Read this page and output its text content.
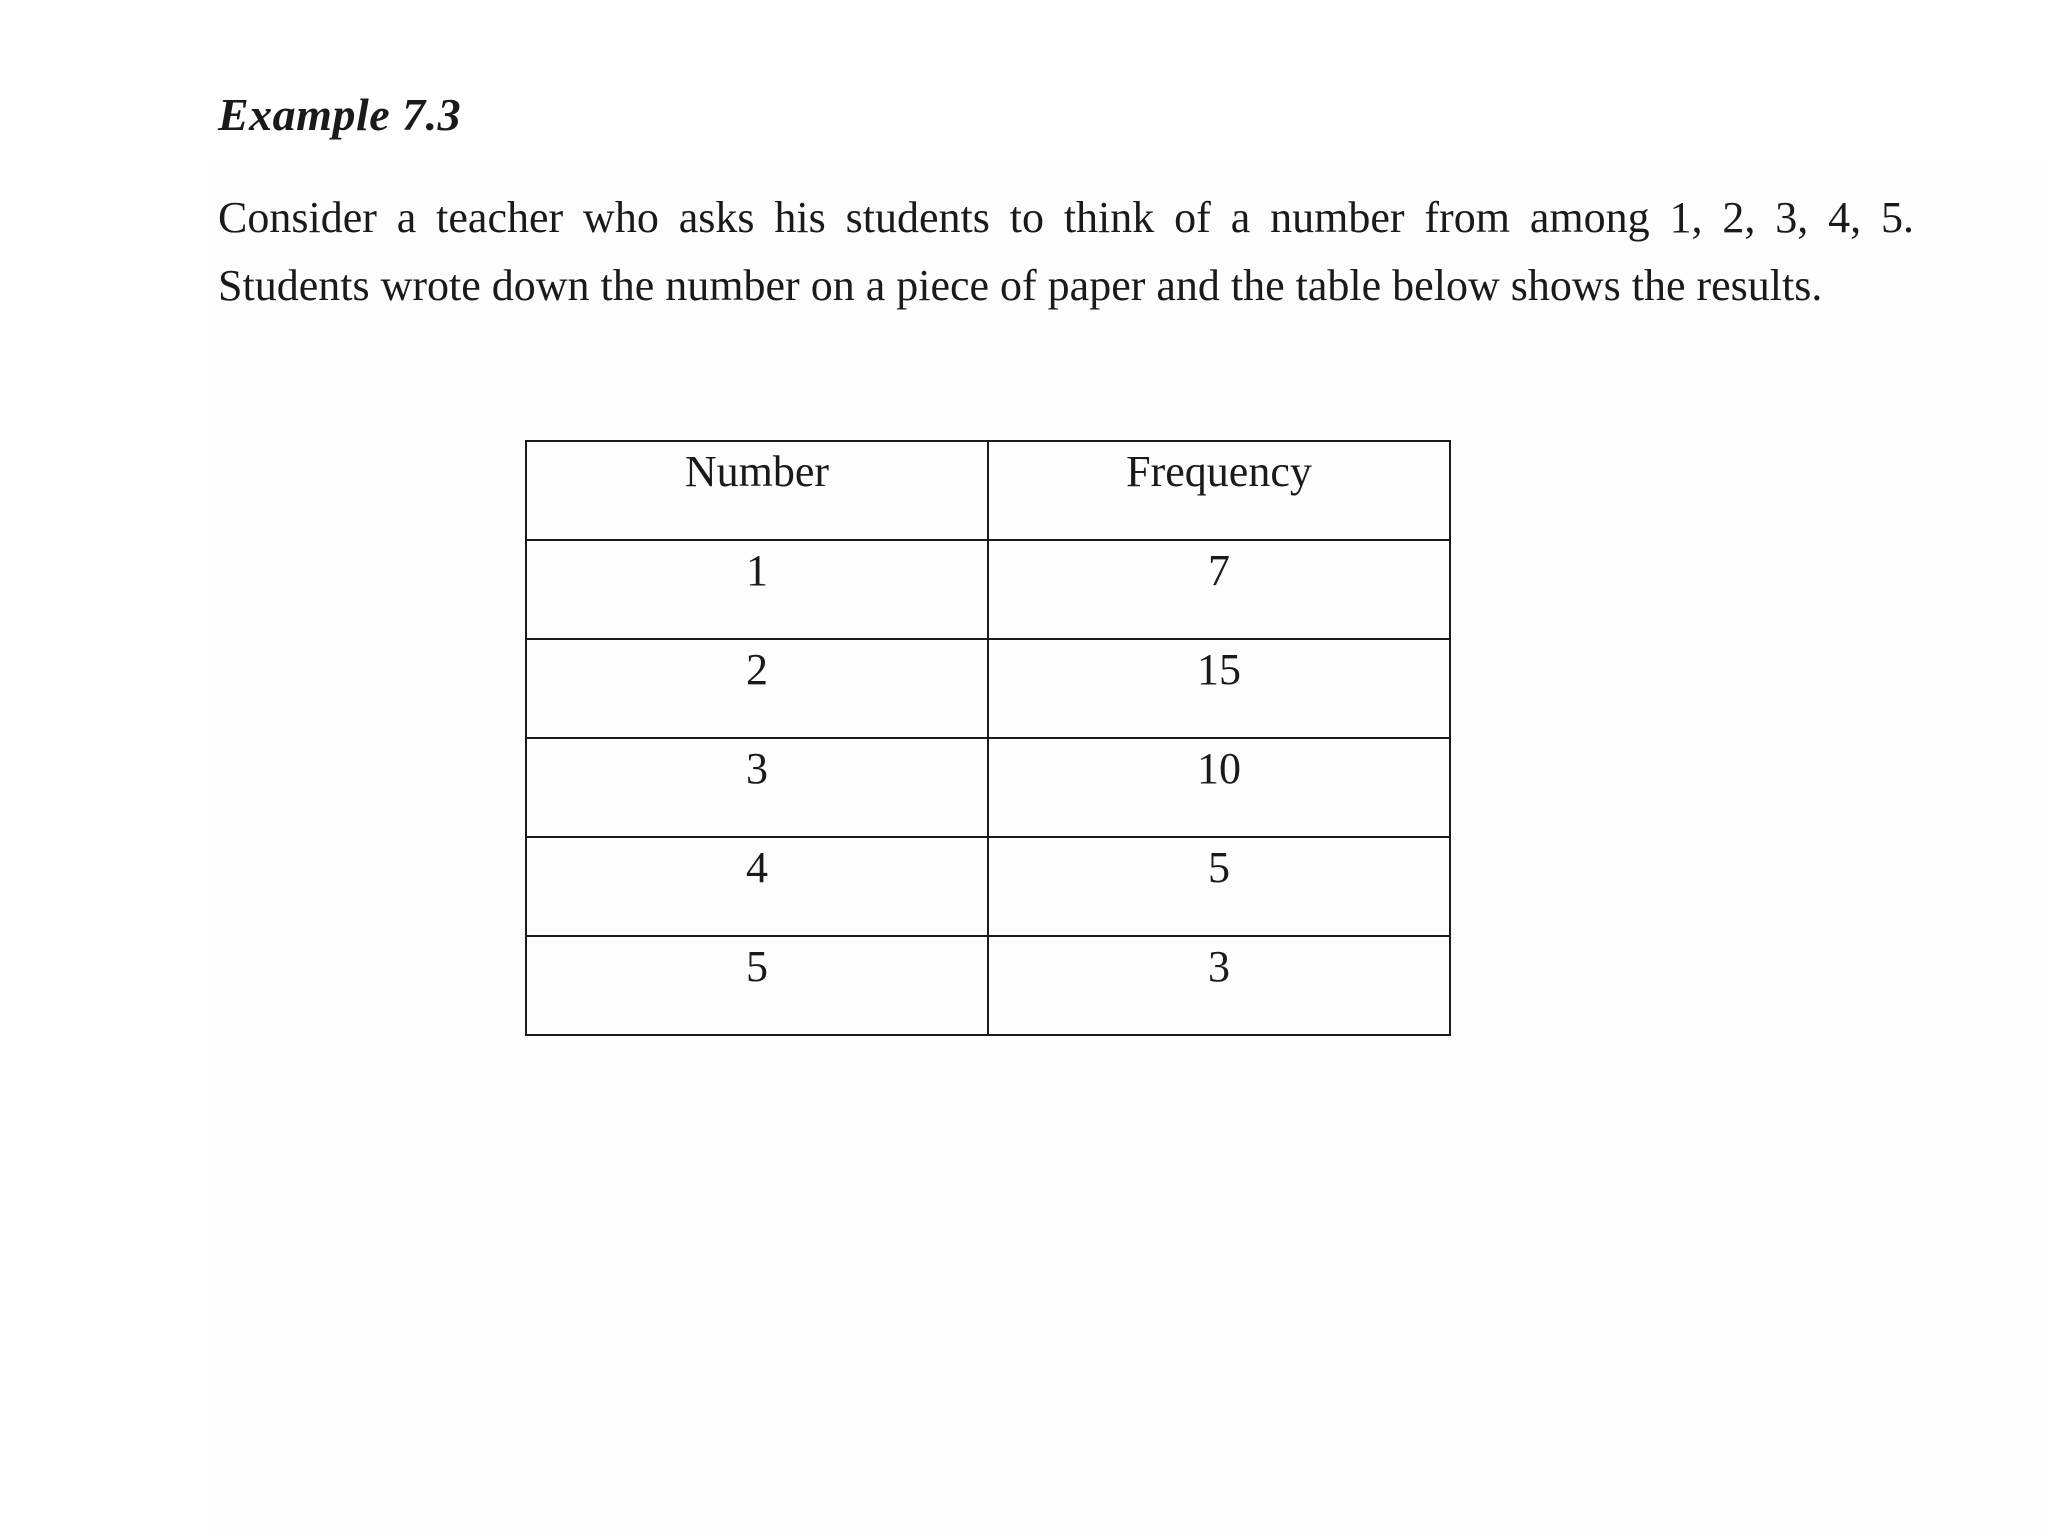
Example 7.3

Consider a teacher who asks his students to think of a number from among 1, 2, 3, 4, 5. Students wrote down the number on a piece of paper and the table below shows the results.

Number	Frequency
1	7
2	15
3	10
4	5
5	3
